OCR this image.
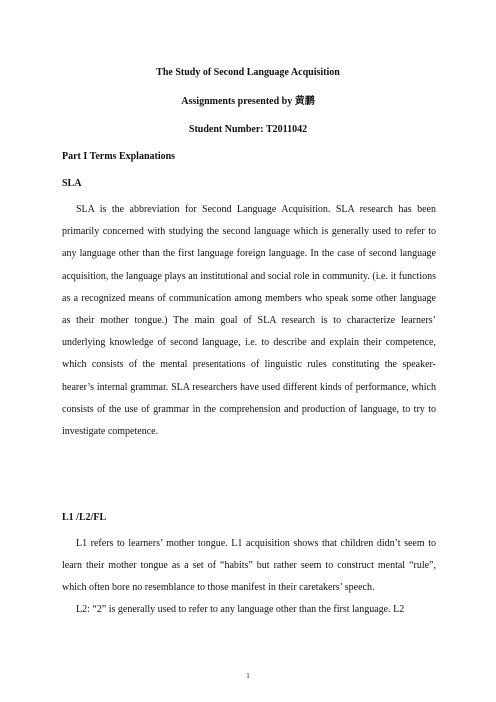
The Study of Second Language Acquisition
Assignments presented by 黄鹏
Student Number: T2011042
Part I Terms Explanations
SLA

SLA is the abbreviation for Second Language Acquisition. SLA research has been primarily concerned with studying the second language which is generally used to refer to any language other than the first language foreign language. In the case of second language acquisition, the language plays an institutional and social role in community. (i.e. it functions as a recognized means of communication among members who speak some other language as their mother tongue.) The main goal of SLA research is to characterize learners’ underlying knowledge of second language, i.e. to describe and explain their competence, which consists of the mental presentations of linguistic rules constituting the speaker-hearer’s internal grammar. SLA researchers have used different kinds of performance, which consists of the use of grammar in the comprehension and production of language, to try to investigate competence.

L1 /L2/FL

L1 refers to learners’ mother tongue. L1 acquisition shows that children didn’t seem to learn their mother tongue as a set of “habits” but rather seem to construct mental “rule”, which often bore no resemblance to those manifest in their caretakers’ speech.

L2: “2” is generally used to refer to any language other than the first language. L2

1
